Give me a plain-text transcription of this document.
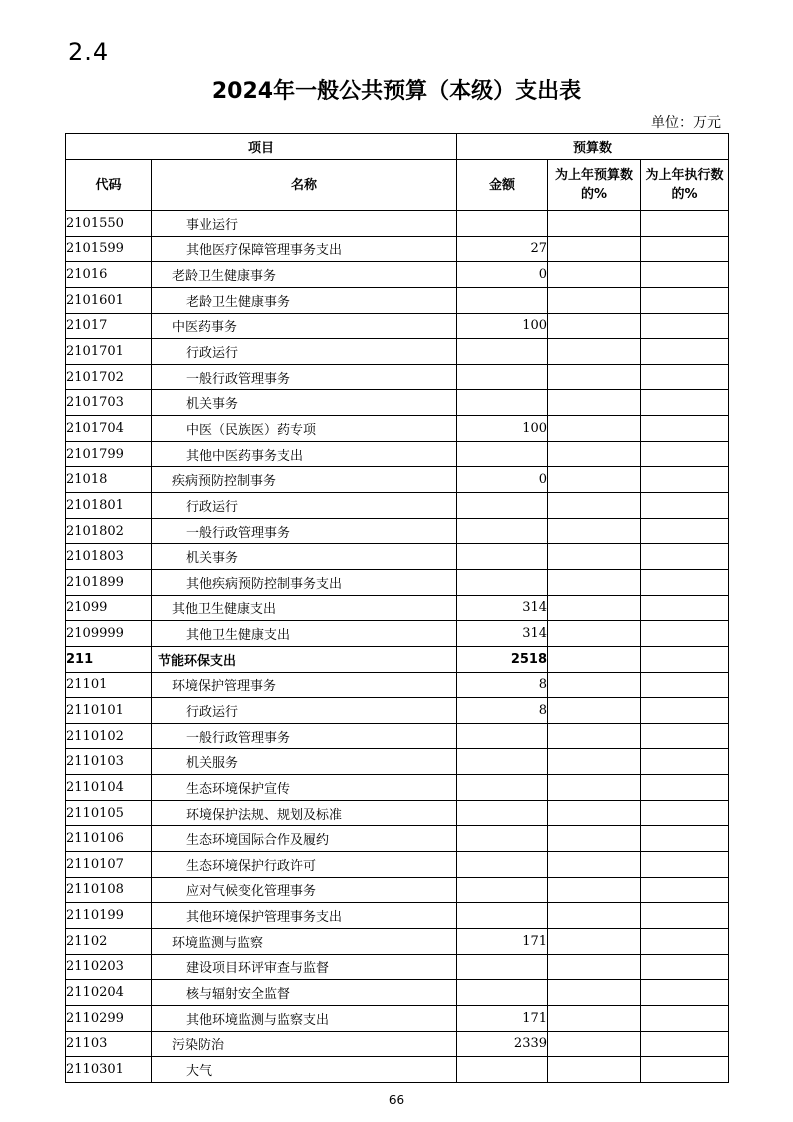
2.4
2024年一般公共预算（本级）支出表
单位：万元
项目		预算数		
代码	名称	金额	为上年预算数的%	为上年执行数的%
2101550	事业运行			
2101599	其他医疗保障管理事务支出	27		
21016	老龄卫生健康事务	0		
2101601	老龄卫生健康事务			
21017	中医药事务	100		
2101701	行政运行			
2101702	一般行政管理事务			
2101703	机关事务			
2101704	中医（民族医）药专项	100		
2101799	其他中医药事务支出			
21018	疾病预防控制事务	0		
2101801	行政运行			
2101802	一般行政管理事务			
2101803	机关事务			
2101899	其他疾病预防控制事务支出			
21099	其他卫生健康支出	314		
2109999	其他卫生健康支出	314		
211	节能环保支出	2518		
21101	环境保护管理事务	8		
2110101	行政运行	8		
2110102	一般行政管理事务			
2110103	机关服务			
2110104	生态环境保护宣传			
2110105	环境保护法规、规划及标准			
2110106	生态环境国际合作及履约			
2110107	生态环境保护行政许可			
2110108	应对气候变化管理事务			
2110199	其他环境保护管理事务支出			
21102	环境监测与监察	171		
2110203	建设项目环评审查与监督			
2110204	核与辐射安全监督			
2110299	其他环境监测与监察支出	171		
21103	污染防治	2339		
2110301	大气			
66
